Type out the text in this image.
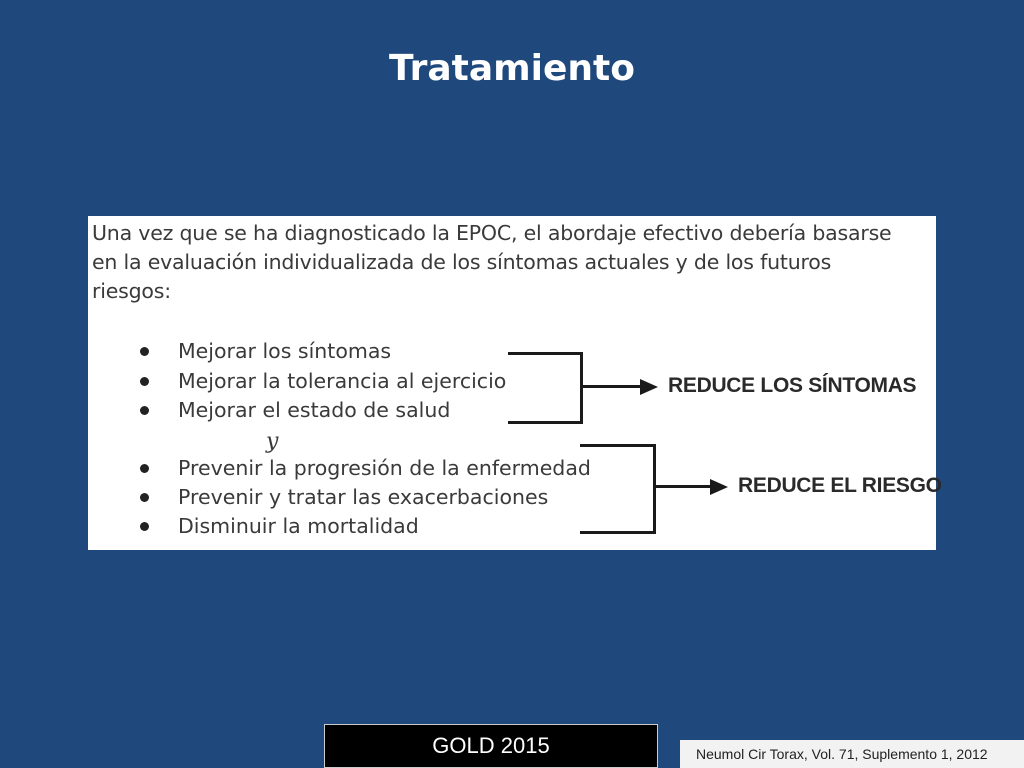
Tratamiento
Una vez que se ha diagnosticado la EPOC, el abordaje efectivo debería basarse en la evaluación individualizada de los síntomas actuales y de los futuros riesgos:
Mejorar los síntomas
Mejorar la tolerancia al ejercicio
Mejorar el estado de salud
y
Prevenir la progresión de la enfermedad
Prevenir y tratar las exacerbaciones
Disminuir la mortalidad
REDUCE LOS SÍNTOMAS
REDUCE EL RIESGO
GOLD 2015	Neumol Cir Torax, Vol. 71, Suplemento 1, 2012
